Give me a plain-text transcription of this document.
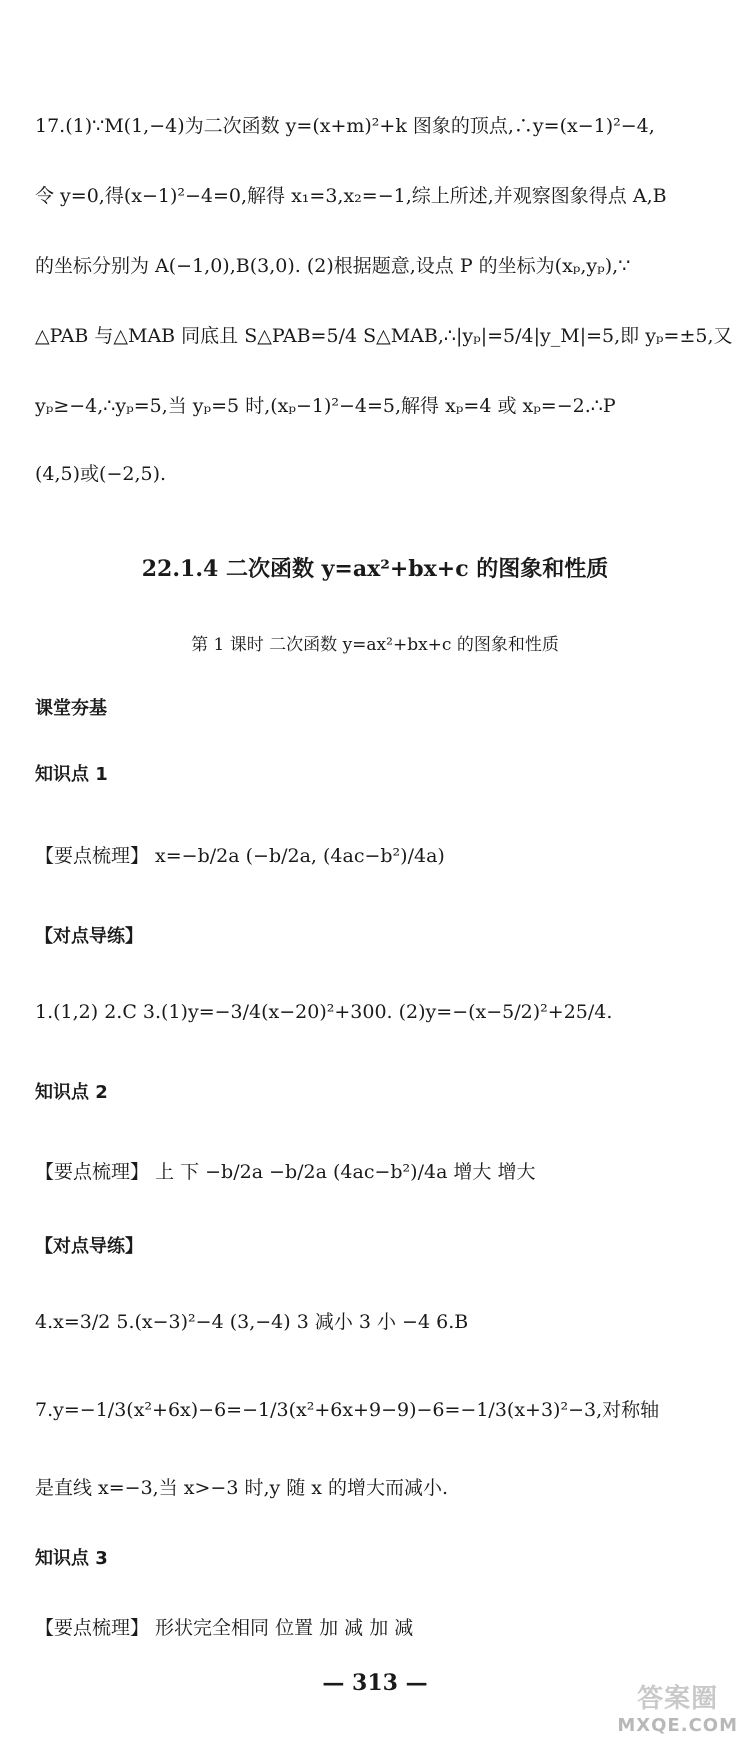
17.(1)∵M(1,−4)为二次函数 y=(x+m)²+k 图象的顶点,∴y=(x−1)²−4,
令 y=0,得(x−1)²−4=0,解得 x₁=3,x₂=−1,综上所述,并观察图象得点 A,B
的坐标分别为 A(−1,0),B(3,0). (2)根据题意,设点 P 的坐标为(xₚ,yₚ),∵
△PAB 与△MAB 同底且 S△PAB=5/4 S△MAB,∴|yₚ|=5/4|y_M|=5,即 yₚ=±5,又
yₚ≥−4,∴yₚ=5,当 yₚ=5 时,(xₚ−1)²−4=5,解得 xₚ=4 或 xₚ=−2.∴P
(4,5)或(−2,5).
22.1.4 二次函数 y=ax²+bx+c 的图象和性质
第 1 课时 二次函数 y=ax²+bx+c 的图象和性质
课堂夯基
知识点 1
【要点梳理】 x=−b/2a (−b/2a, (4ac−b²)/4a)
【对点导练】
1.(1,2) 2.C 3.(1)y=−3/4(x−20)²+300. (2)y=−(x−5/2)²+25/4.
知识点 2
【要点梳理】 上 下 −b/2a −b/2a (4ac−b²)/4a 增大 增大
【对点导练】
4.x=3/2 5.(x−3)²−4 (3,−4) 3 减小 3 小 −4 6.B
7.y=−1/3(x²+6x)−6=−1/3(x²+6x+9−9)−6=−1/3(x+3)²−3,对称轴
是直线 x=−3,当 x>−3 时,y 随 x 的增大而减小.
知识点 3
【要点梳理】 形状完全相同 位置 加 减 加 减
— 313 —
答案圈
MXQE.COM
